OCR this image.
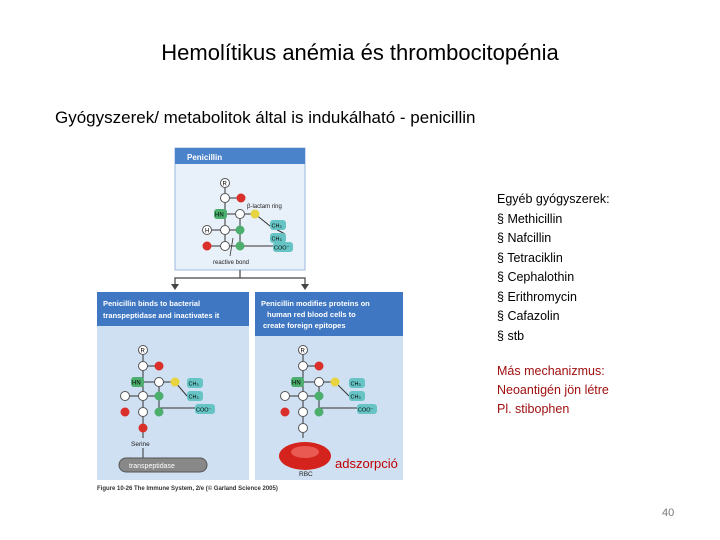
Hemolítikus anémia és thrombocitopénia
Gyógyszerek/ metabolitok által is indukálható - penicillin
Penicillin
R
β-lactam ring
HN
CH₃
CH₃
H
COO⁻
reactive bond
Penicillin binds to bacterial
transpeptidase and inactivates it
Penicillin modifies proteins on
human red blood cells to
create foreign epitopes
R
HN	CH₃
CH₃
COO⁻
Serine
transpeptidase
R
HN	CH₃
CH₃
COO⁻
RBC
Figure 10-26 The Immune System, 2/e (© Garland Science 2005)
Egyéb gyógyszerek:
§ Methicillin
§ Nafcillin
§ Tetraciklin
§ Cephalothin
§ Erithromycin
§ Cafazolin
§ stb
Más mechanizmus:
Neoantigén jön létre
Pl. stibophen
adszorpció
40
